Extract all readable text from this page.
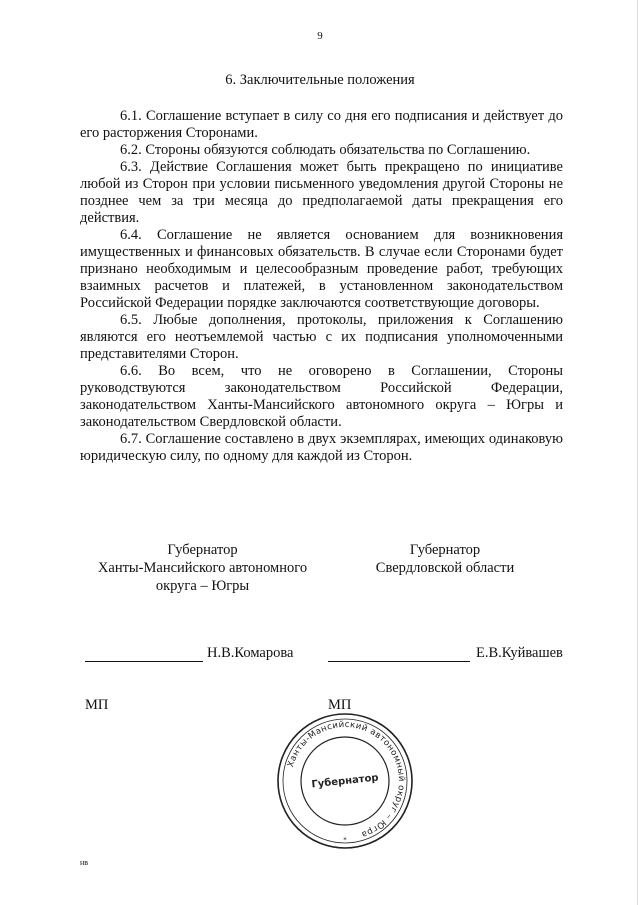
9
6. Заключительные положения

6.1. Соглашение вступает в силу со дня его подписания и действует до его расторжения Сторонами.

6.2. Стороны обязуются соблюдать обязательства по Соглашению.

6.3. Действие Соглашения может быть прекращено по инициативе любой из Сторон при условии письменного уведомления другой Стороны не позднее чем за три месяца до предполагаемой даты прекращения его действия.

6.4. Соглашение не является основанием для возникновения имущественных и финансовых обязательств. В случае если Сторонами будет признано необходимым и целесообразным проведение работ, требующих взаимных расчетов и платежей, в установленном законодательством Российской Федерации порядке заключаются соответствующие договоры.

6.5. Любые дополнения, протоколы, приложения к Соглашению являются его неотъемлемой частью с их подписания уполномоченными представителями Сторон.

6.6. Во всем, что не оговорено в Соглашении, Стороны руководствуются законодательством Российской Федерации, законодательством Ханты-Мансийского автономного округа – Югры и законодательством Свердловской области.

6.7. Соглашение составлено в двух экземплярах, имеющих одинаковую юридическую силу, по одному для каждой из Сторон.

Губернатор
Ханты-Мансийского автономного
округа – Югры
Губернатор
Свердловской области
Н.В.Комарова	Е.В.Куйвашев
МП	МП
Ханты-Мансийский автономный округ – Югра
Губернатор
*
нв
